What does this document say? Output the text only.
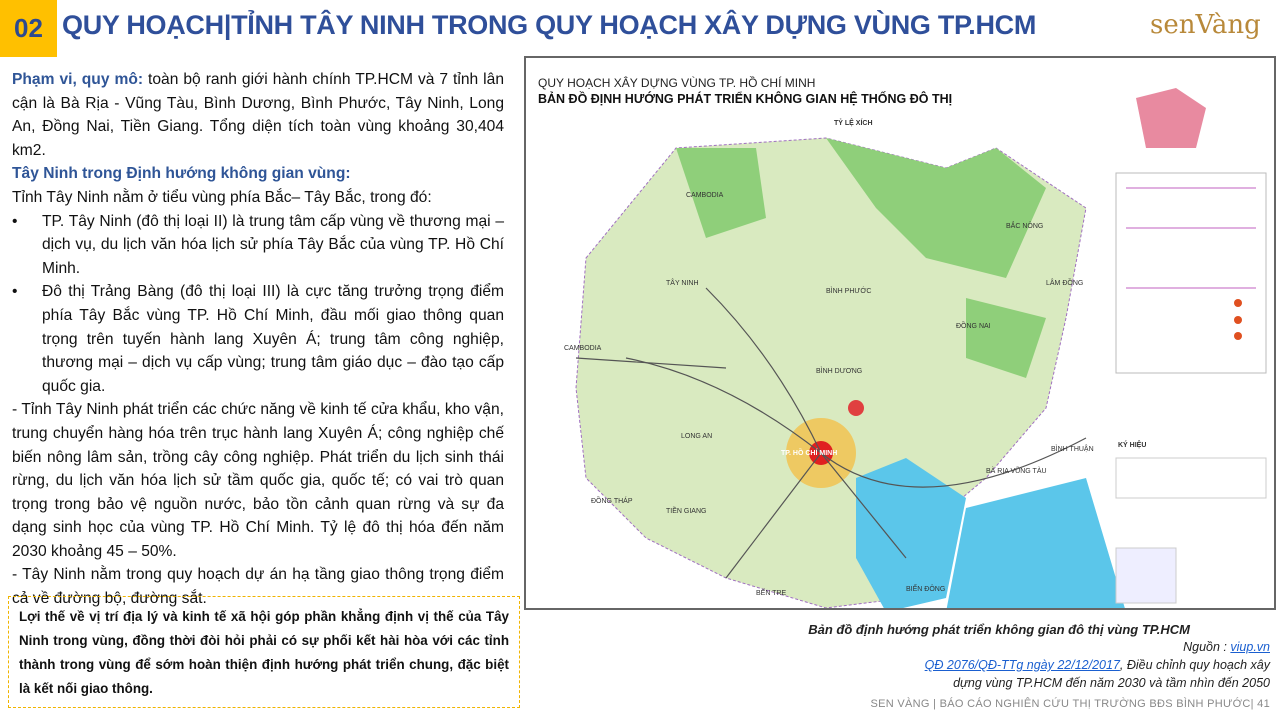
02 QUY HOẠCH|TỈNH TÂY NINH TRONG QUY HOẠCH XÂY DỰNG VÙNG TP.HCM	senVàng

Phạm vi, quy mô: toàn bộ ranh giới hành chính TP.HCM và 7 tỉnh lân cận là Bà Rịa - Vũng Tàu, Bình Dương, Bình Phước, Tây Ninh, Long An, Đồng Nai, Tiền Giang. Tổng diện tích toàn vùng khoảng 30,404 km2.

Tây Ninh trong Định hướng không gian vùng:

Tỉnh Tây Ninh nằm ở tiểu vùng phía Bắc– Tây Bắc, trong đó:

•	TP. Tây Ninh (đô thị loại II) là trung tâm cấp vùng về thương mại – dịch vụ, du lịch văn hóa lịch sử phía Tây Bắc của vùng TP. Hồ Chí Minh.
•	Đô thị Trảng Bàng (đô thị loại III) là cực tăng trưởng trọng điểm phía Tây Bắc vùng TP. Hồ Chí Minh, đầu mối giao thông quan trọng trên tuyến hành lang Xuyên Á; trung tâm công nghiệp, thương mại – dịch vụ cấp vùng; trung tâm giáo dục – đào tạo cấp quốc gia.

- Tỉnh Tây Ninh phát triển các chức năng về kinh tế cửa khẩu, kho vận, trung chuyển hàng hóa trên trục hành lang Xuyên Á; công nghiệp chế biến nông lâm sản, trồng cây công nghiệp. Phát triển du lịch sinh thái rừng, du lịch văn hóa lịch sử tầm quốc gia, quốc tế; có vai trò quan trọng trong bảo vệ nguồn nước, bảo tồn cảnh quan rừng và sự đa dạng sinh học của vùng TP. Hồ Chí Minh. Tỷ lệ đô thị hóa đến năm 2030 khoảng 45 – 50%.

- Tây Ninh nằm trong quy hoạch dự án hạ tầng giao thông trọng điểm cả về đường bộ, đường sắt.

Lợi thế về vị trí địa lý và kinh tế xã hội góp phần khẳng định vị thế của Tây Ninh trong vùng, đồng thời đòi hỏi phải có sự phối kết hài hòa với các tỉnh thành trong vùng để sớm hoàn thiện định hướng phát triển chung, đặc biệt là kết nối giao thông.
QUY HOẠCH XÂY DỰNG VÙNG TP. HỒ CHÍ MINH
BẢN ĐỒ ĐỊNH HƯỚNG PHÁT TRIỂN KHÔNG GIAN HỆ THỐNG ĐÔ THỊ
TỶ LỆ XÍCH
KÝ HIỆU
CAMBODIA
TÂY NINH
BÌNH PHƯỚC
BẮC NÔNG
LÂM ĐỒNG
ĐỒNG NAI
BÌNH DƯƠNG
CAMBODIA
LONG AN
ĐỒNG THÁP
TIỀN GIANG
BÌNH THUẬN
BÀ RỊA VŨNG TÀU
BIỂN ĐÔNG
BẾN TRE
TP. HỒ CHÍ MINH
Bản đồ định hướng phát triển không gian đô thị vùng TP.HCM
Nguồn : viup.vn
QĐ 2076/QĐ-TTg ngày 22/12/2017, Điều chỉnh quy hoạch xây
dựng vùng TP.HCM đến năm 2030 và tầm nhìn đến 2050
SEN VÀNG | BÁO CÁO NGHIÊN CỨU THỊ TRƯỜNG BĐS BÌNH PHƯỚC| 41
